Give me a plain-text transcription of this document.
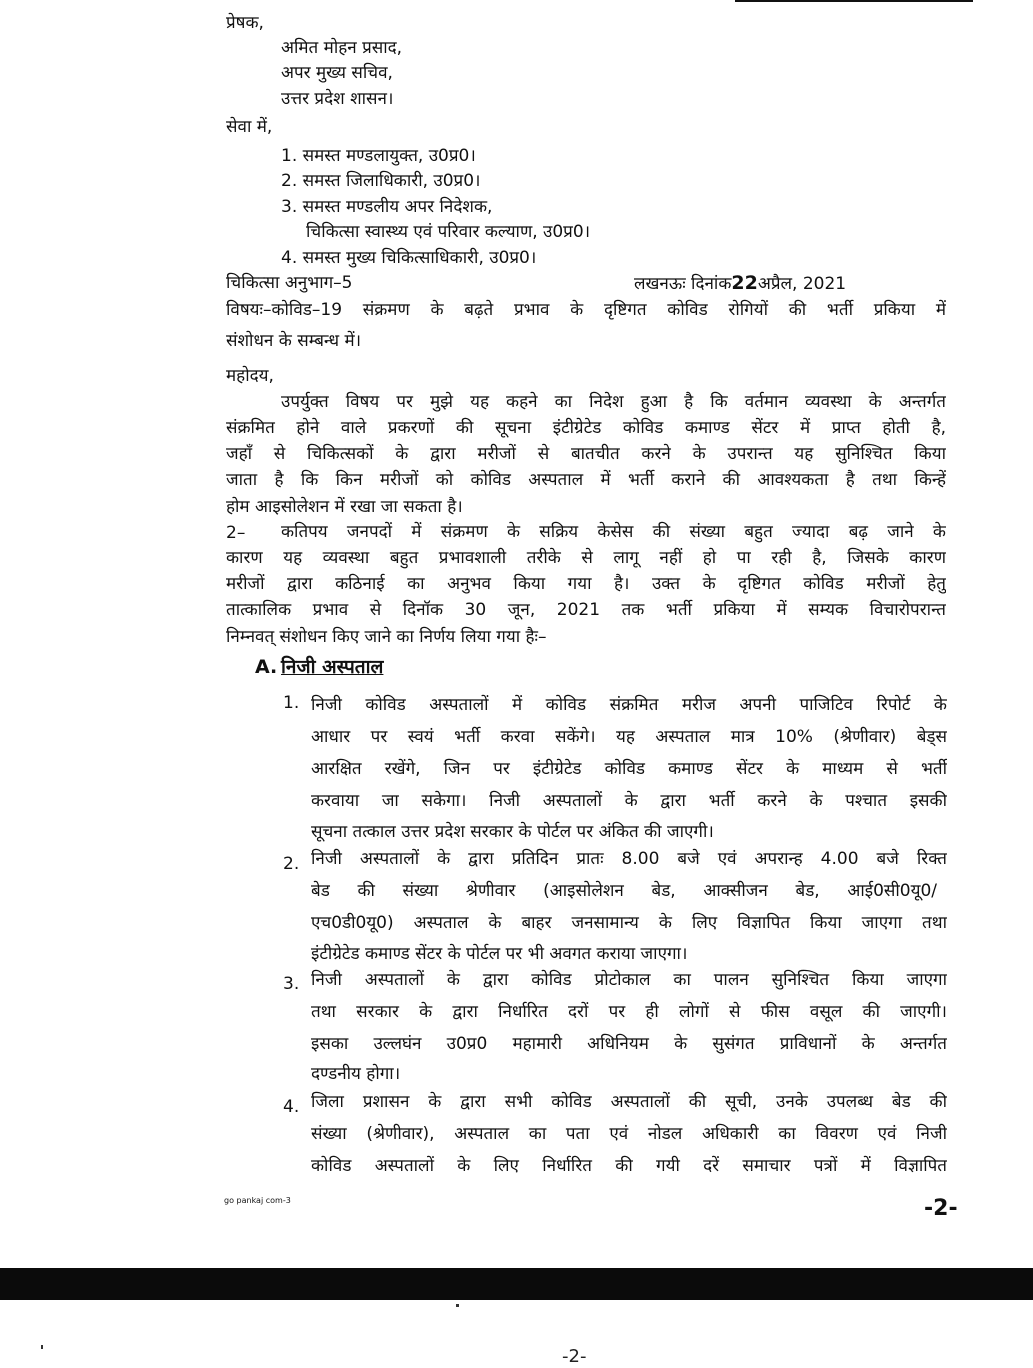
प्रेषक,
अमित मोहन प्रसाद,
अपर मुख्य सचिव,
उत्तर प्रदेश शासन।
सेवा में,
1. समस्त मण्डलायुक्त, उ0प्र0।
2. समस्त जिलाधिकारी, उ0प्र0।
3. समस्त मण्डलीय अपर निदेशक,
चिकित्सा स्वास्थ्य एवं परिवार कल्याण, उ0प्र0।
4. समस्त मुख्य चिकित्साधिकारी, उ0प्र0।
चिकित्सा अनुभाग–5	लखनऊः दिनांक22अप्रैल, 2021
विषयः–कोविड–19 संक्रमण के बढ़ते प्रभाव के दृष्टिगत कोविड रोगियों की भर्ती प्रकिया में
संशोधन के सम्बन्ध में।
महोदय,
उपर्युक्त विषय पर मुझे यह कहने का निदेश हुआ है कि वर्तमान व्यवस्था के अन्तर्गत
संक्रमित होने वाले प्रकरणों की सूचना इंटीग्रेटेड कोविड कमाण्ड सेंटर में प्राप्त होती है,
जहाँ से चिकित्सकों के द्वारा मरीजों से बातचीत करने के उपरान्त यह सुनिश्चित किया
जाता है कि किन मरीजों को कोविड अस्पताल में भर्ती कराने की आवश्यकता है तथा किन्हें
होम आइसोलेशन में रखा जा सकता है।
2– कतिपय जनपदों में संक्रमण के सक्रिय केसेस की संख्या बहुत ज्यादा बढ़ जाने के
कारण यह व्यवस्था बहुत प्रभावशाली तरीके से लागू नहीं हो पा रही है, जिसके कारण
मरीजों द्वारा कठिनाई का अनुभव किया गया है। उक्त के दृष्टिगत कोविड मरीजों हेतु
तात्कालिक प्रभाव से दिनॉक 30 जून, 2021 तक भर्ती प्रकिया में सम्यक विचारोपरान्त
निम्नवत् संशोधन किए जाने का निर्णय लिया गया हैः–
A. निजी अस्पताल
1. निजी कोविड अस्पतालों में कोविड संक्रमित मरीज अपनी पाजिटिव रिपोर्ट के
आधार पर स्वयं भर्ती करवा सकेंगे। यह अस्पताल मात्र 10% (श्रेणीवार) बेड्स
आरक्षित रखेंगे, जिन पर इंटीग्रेटेड कोविड कमाण्ड सेंटर के माध्यम से भर्ती
करवाया जा सकेगा। निजी अस्पतालों के द्वारा भर्ती करने के पश्चात इसकी
सूचना तत्काल उत्तर प्रदेश सरकार के पोर्टल पर अंकित की जाएगी।
2. निजी अस्पतालों के द्वारा प्रतिदिन प्रातः 8.00 बजे एवं अपरान्ह 4.00 बजे रिक्त
बेड की संख्या श्रेणीवार (आइसोलेशन बेड, आक्सीजन बेड, आई0सी0यू0/
एच0डी0यू0) अस्पताल के बाहर जनसामान्य के लिए विज्ञापित किया जाएगा तथा
इंटीग्रेटेड कमाण्ड सेंटर के पोर्टल पर भी अवगत कराया जाएगा।
3. निजी अस्पतालों के द्वारा कोविड प्रोटोकाल का पालन सुनिश्चित किया जाएगा
तथा सरकार के द्वारा निर्धारित दरों पर ही लोगों से फीस वसूल की जाएगी।
इसका उल्लघंन उ0प्र0 महामारी अधिनियम के सुसंगत प्राविधानों के अन्तर्गत
दण्डनीय होगा।
4. जिला प्रशासन के द्वारा सभी कोविड अस्पतालों की सूची, उनके उपलब्ध बेड की
संख्या (श्रेणीवार), अस्पताल का पता एवं नोडल अधिकारी का विवरण एवं निजी
कोविड अस्पतालों के लिए निर्धारित की गयी दरें समाचार पत्रों में विज्ञापित
go pankaj com-3	-2-
-2-
